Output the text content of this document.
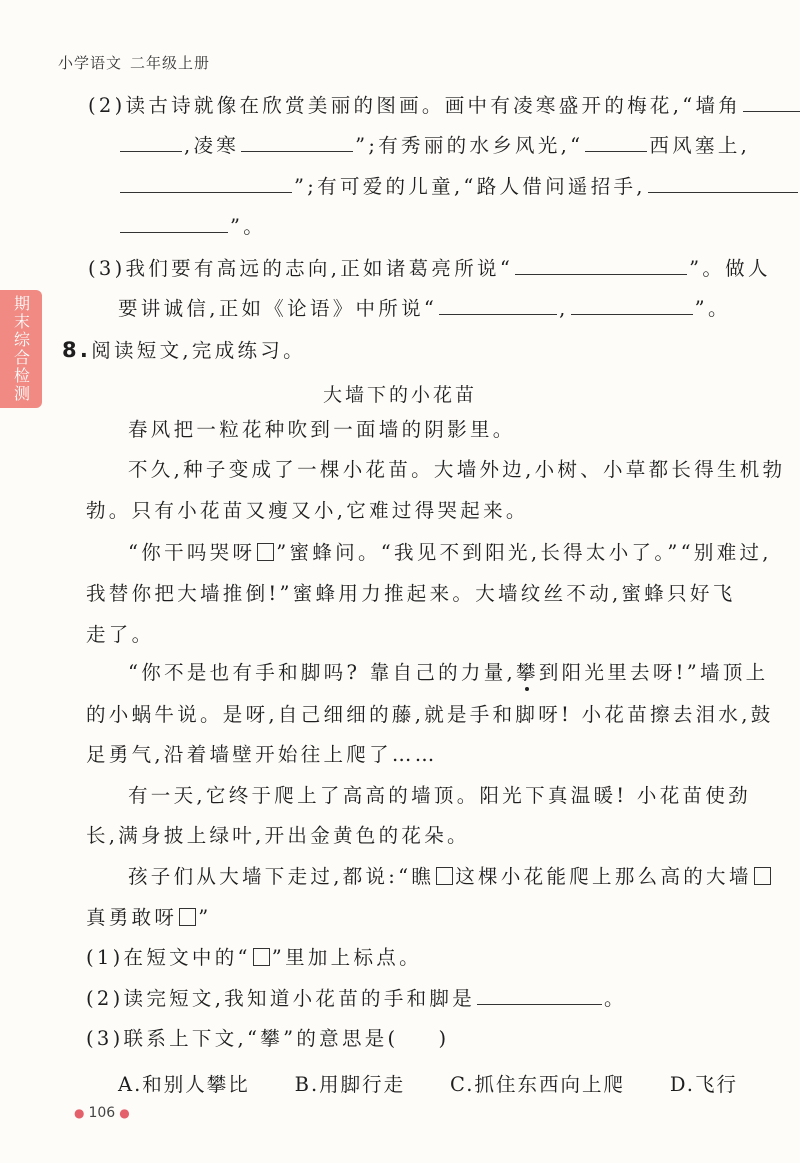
小学语文 二年级上册
期末综合检测
(2)读古诗就像在欣赏美丽的图画。画中有凌寒盛开的梅花,“墙角
,凌寒	”;有秀丽的水乡风光,“	西风塞上,
”;有可爱的儿童,“路人借问遥招手,
”。
(3)我们要有高远的志向,正如诸葛亮所说“	”。做人
要讲诚信,正如《论语》中所说“	,	”。
8.阅读短文,完成练习。
大墙下的小花苗
春风把一粒花种吹到一面墙的阴影里。
不久,种子变成了一棵小花苗。大墙外边,小树、小草都长得生机勃
勃。只有小花苗又瘦又小,它难过得哭起来。
“你干吗哭呀 ”蜜蜂问。“我见不到阳光,长得太小了。”“别难过,
我替你把大墙推倒!”蜜蜂用力推起来。大墙纹丝不动,蜜蜂只好飞
走了。
“你不是也有手和脚吗? 靠自己的力量,攀到阳光里去呀!”墙顶上
的小蜗牛说。是呀,自己细细的藤,就是手和脚呀! 小花苗擦去泪水,鼓
足勇气,沿着墙壁开始往上爬了……
有一天,它终于爬上了高高的墙顶。阳光下真温暖! 小花苗使劲
长,满身披上绿叶,开出金黄色的花朵。
孩子们从大墙下走过,都说:“瞧 这棵小花能爬上那么高的大墙
真勇敢呀 ”
(1)在短文中的“ ”里加上标点。
(2)读完短文,我知道小花苗的手和脚是	。
(3)联系上下文,“攀”的意思是( )
A.和别人攀比 B.用脚行走 C.抓住东西向上爬 D.飞行
● 106 ●
